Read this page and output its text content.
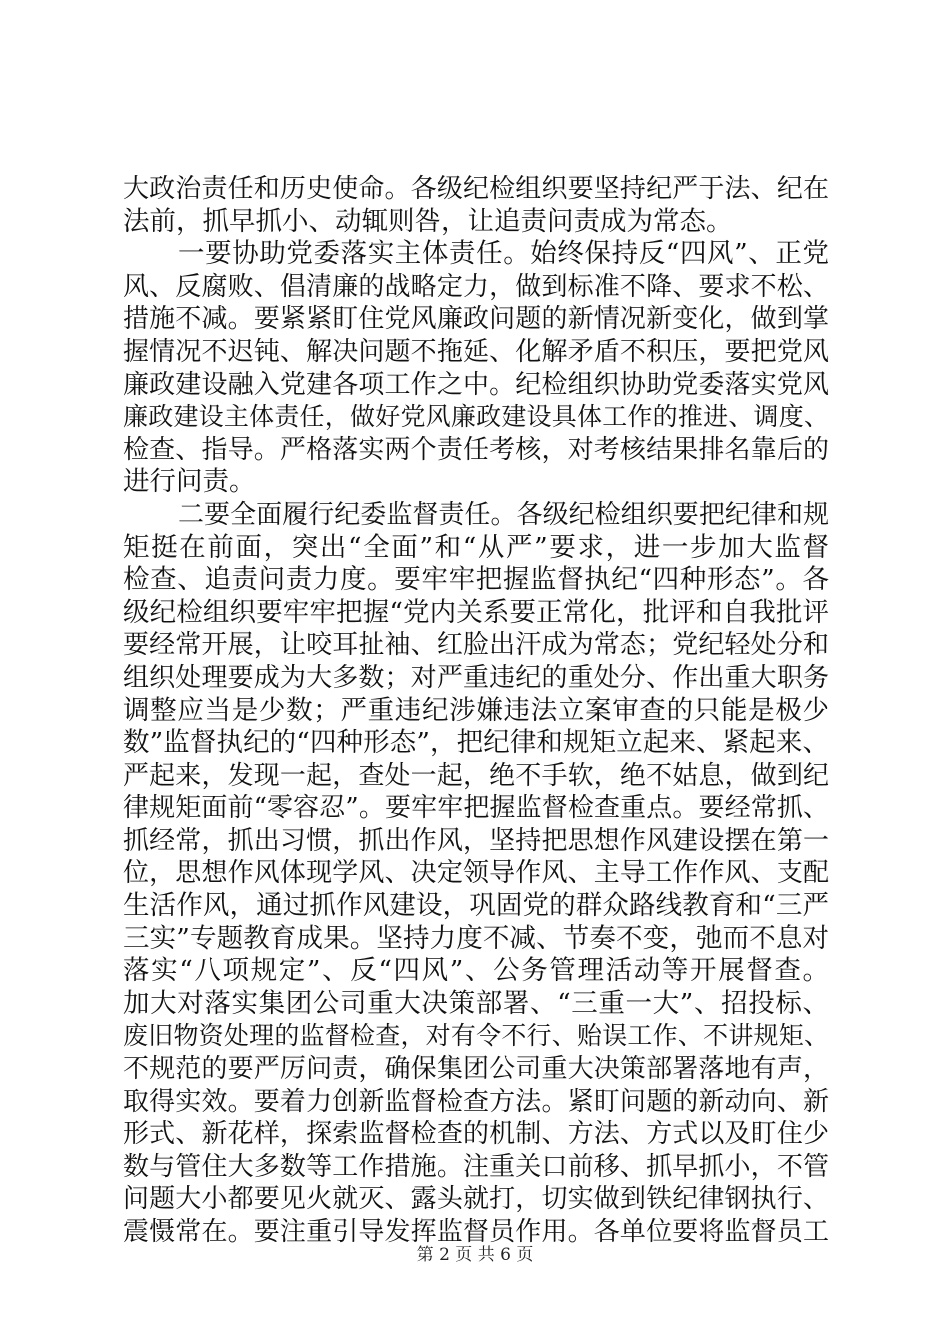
大政治责任和历史使命。各级纪检组织要坚持纪严于法、纪在
法前，抓早抓小、动辄则咎，让追责问责成为常态。
一要协助党委落实主体责任。始终保持反“四风”、正党
风、反腐败、倡清廉的战略定力，做到标准不降、要求不松、
措施不减。要紧紧盯住党风廉政问题的新情况新变化，做到掌
握情况不迟钝、解决问题不拖延、化解矛盾不积压，要把党风
廉政建设融入党建各项工作之中。纪检组织协助党委落实党风
廉政建设主体责任，做好党风廉政建设具体工作的推进、调度、
检查、指导。严格落实两个责任考核，对考核结果排名靠后的
进行问责。
二要全面履行纪委监督责任。各级纪检组织要把纪律和规
矩挺在前面，突出“全面”和“从严”要求，进一步加大监督
检查、追责问责力度。要牢牢把握监督执纪“四种形态”。各
级纪检组织要牢牢把握“党内关系要正常化，批评和自我批评
要经常开展，让咬耳扯袖、红脸出汗成为常态；党纪轻处分和
组织处理要成为大多数；对严重违纪的重处分、作出重大职务
调整应当是少数；严重违纪涉嫌违法立案审查的只能是极少
数”监督执纪的“四种形态”，把纪律和规矩立起来、紧起来、
严起来，发现一起，查处一起，绝不手软，绝不姑息，做到纪
律规矩面前“零容忍”。要牢牢把握监督检查重点。要经常抓、
抓经常，抓出习惯，抓出作风，坚持把思想作风建设摆在第一
位，思想作风体现学风、决定领导作风、主导工作作风、支配
生活作风，通过抓作风建设，巩固党的群众路线教育和“三严
三实”专题教育成果。坚持力度不减、节奏不变，弛而不息对
落实“八项规定”、反“四风”、公务管理活动等开展督查。
加大对落实集团公司重大决策部署、“三重一大”、招投标、
废旧物资处理的监督检查，对有令不行、贻误工作、不讲规矩、
不规范的要严厉问责，确保集团公司重大决策部署落地有声，
取得实效。要着力创新监督检查方法。紧盯问题的新动向、新
形式、新花样，探索监督检查的机制、方法、方式以及盯住少
数与管住大多数等工作措施。注重关口前移、抓早抓小，不管
问题大小都要见火就灭、露头就打，切实做到铁纪律钢执行、
震慑常在。要注重引导发挥监督员作用。各单位要将监督员工
第 2 页 共 6 页
